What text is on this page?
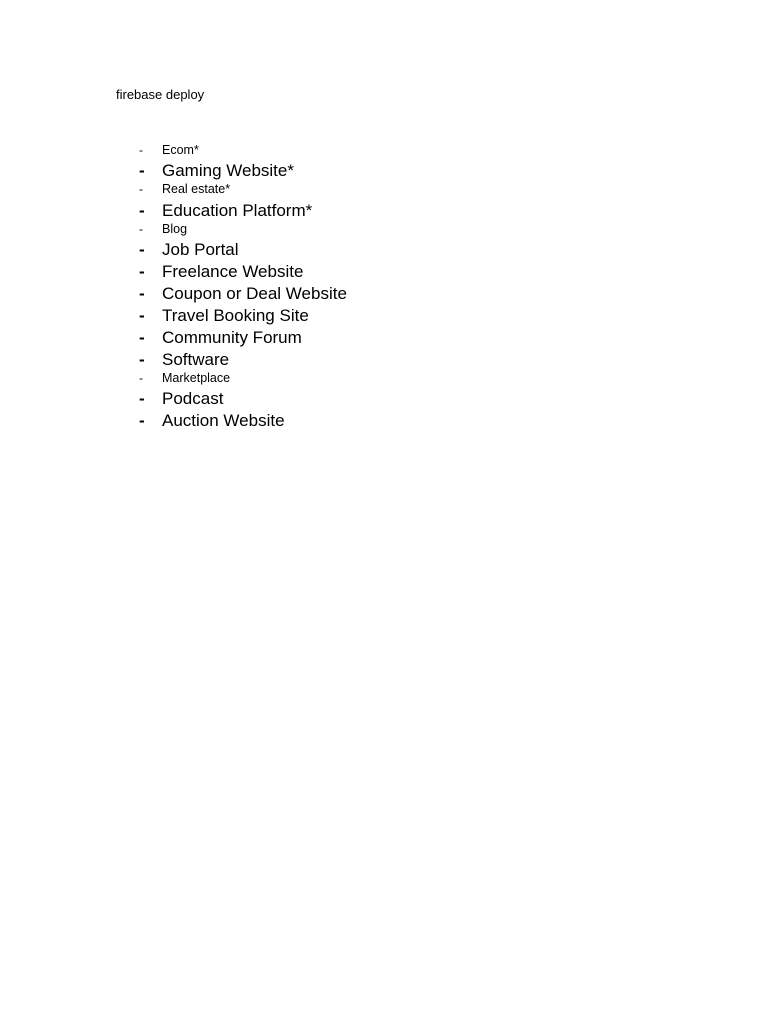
firebase deploy
- Ecom*
- Gaming Website*
- Real estate*
- Education Platform*
- Blog
- Job Portal
- Freelance Website
- Coupon or Deal Website
- Travel Booking Site
- Community Forum
- Software
- Marketplace
- Podcast
- Auction Website
